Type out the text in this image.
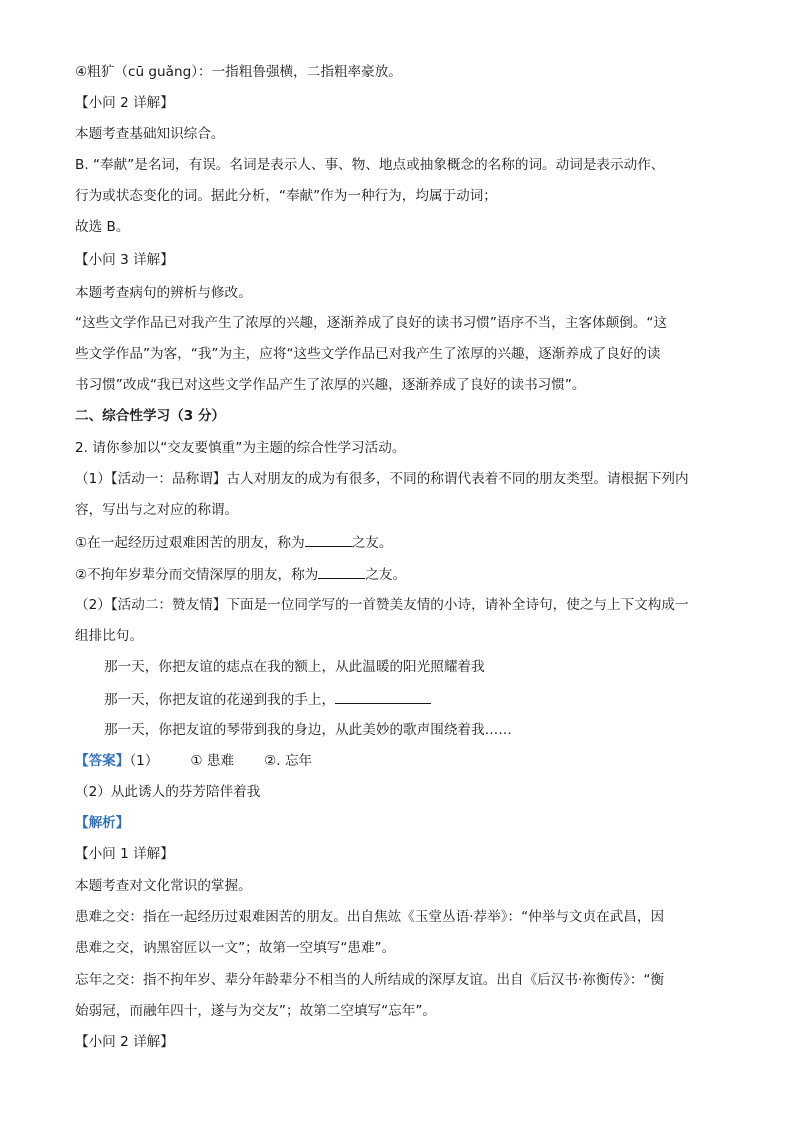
④粗犷（cū guǎng）：一指粗鲁强横，二指粗率豪放。
【小问 2 详解】
本题考查基础知识综合。
B. “奉献”是名词，有误。名词是表示人、事、物、地点或抽象概念的名称的词。动词是表示动作、
行为或状态变化的词。据此分析，“奉献”作为一种行为，均属于动词；
故选 B。
【小问 3 详解】
本题考查病句的辨析与修改。
“这些文学作品已对我产生了浓厚的兴趣，逐渐养成了良好的读书习惯”语序不当，主客体颠倒。“这
些文学作品”为客，“我”为主，应将“这些文学作品已对我产生了浓厚的兴趣，逐渐养成了良好的读
书习惯”改成“我已对这些文学作品产生了浓厚的兴趣，逐渐养成了良好的读书习惯”。
二、综合性学习（3 分）
2. 请你参加以“交友要慎重”为主题的综合性学习活动。
（1）【活动一：品称谓】古人对朋友的成为有很多，不同的称谓代表着不同的朋友类型。请根据下列内
容，写出与之对应的称谓。
①在一起经历过艰难困苦的朋友，称为	之友。
②不拘年岁辈分而交情深厚的朋友，称为	之友。
（2）【活动二：赞友情】下面是一位同学写的一首赞美友情的小诗，请补全诗句，使之与上下文构成一
组排比句。
那一天，你把友谊的痣点在我的额上，从此温暖的阳光照耀着我
那一天，你把友谊的花递到我的手上，
那一天，你把友谊的琴带到我的身边，从此美妙的歌声围绕着我……
【答案】（1） ① 患难 ②. 忘年
（2）从此诱人的芬芳陪伴着我
【解析】
【小问 1 详解】
本题考查对文化常识的掌握。
患难之交：指在一起经历过艰难困苦的朋友。出自焦竑《玉堂丛语·荐举》：“仲举与文贞在武昌，因
患难之交，讷黑窑匠以一文”；故第一空填写“患难”。
忘年之交：指不拘年岁、辈分年龄辈分不相当的人所结成的深厚友谊。出自《后汉书·祢衡传》：“衡
始弱冠，而融年四十，遂与为交友”；故第二空填写“忘年”。
【小问 2 详解】
